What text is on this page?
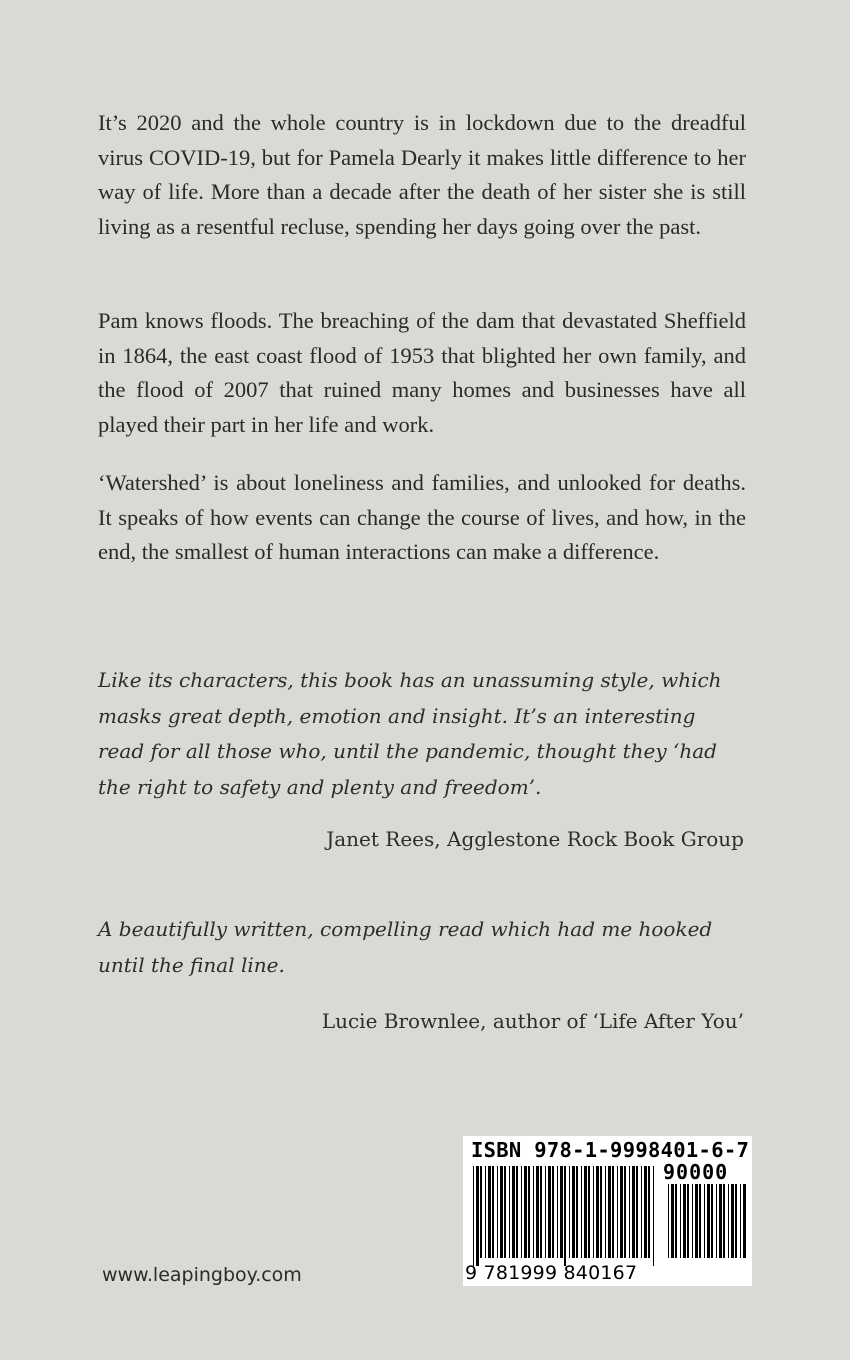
It’s 2020 and the whole country is in lockdown due to the dreadful virus COVID-19, but for Pamela Dearly it makes little difference to her way of life. More than a decade after the death of her sister she is still living as a resentful recluse, spending her days going over the past.

Pam knows floods. The breaching of the dam that devastated Sheffield in 1864, the east coast flood of 1953 that blighted her own family, and the flood of 2007 that ruined many homes and businesses have all played their part in her life and work.

‘Watershed’ is about loneliness and families, and unlooked for deaths. It speaks of how events can change the course of lives, and how, in the end, the smallest of human interactions can make a difference.

Like its characters, this book has an unassuming style, which masks great depth, emotion and insight. It’s an interesting read for all those who, until the pandemic, thought they ‘had the right to safety and plenty and freedom’.

Janet Rees, Agglestone Rock Book Group

A beautifully written, compelling read which had me hooked until the final line.

Lucie Brownlee, author of ‘Life After You’
www.leapingboy.com
ISBN 978-1-9998401-6-7
90000
9 781999 840167
